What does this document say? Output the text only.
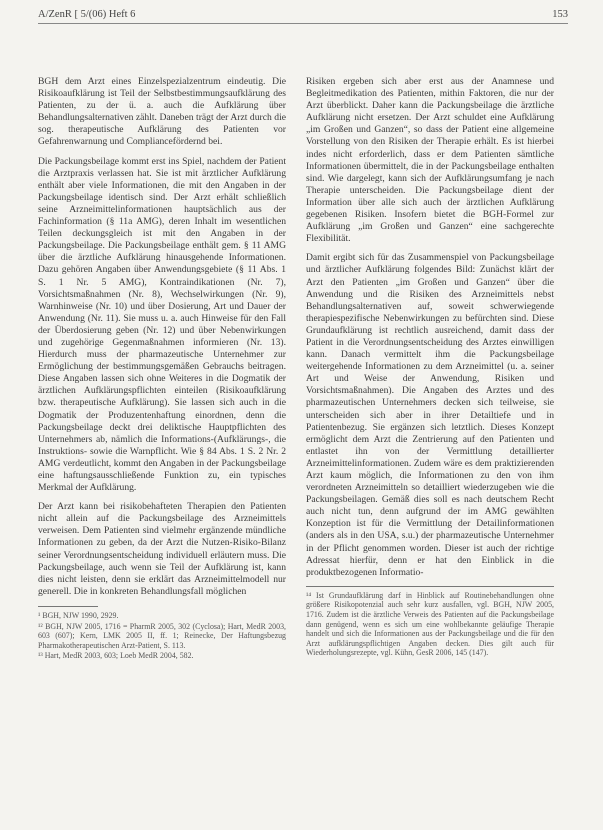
A/ZenR [ 5/(06) Heft 6	153

BGH dem Arzt eines Einzelspezialzentrum eindeutig. Die Risikoaufklärung ist Teil der Selbstbestimmungsaufklärung des Patienten, zu der ü. a. auch die Aufklärung über Behandlungsalternativen zählt. Daneben trägt der Arzt durch die sog. therapeutische Aufklärung des Patienten vor Gefahrenwarnung und Compliancefördernd bei.

Die Packungsbeilage kommt erst ins Spiel, nachdem der Patient die Arztpraxis verlassen hat. Sie ist mit ärztlicher Aufklärung enthält aber viele Informationen, die mit den Angaben in der Packungsbeilage identisch sind. Der Arzt erhält schließlich seine Arzneimittelinformationen hauptsächlich aus der Fachinformation (§ 11a AMG), deren Inhalt im wesentlichen Teilen deckungsgleich ist mit den Angaben in der Packungsbeilage. Die Packungsbeilage enthält gem. § 11 AMG über die ärztliche Aufklärung hinausgehende Informationen. Dazu gehören Angaben über Anwendungsgebiete (§ 11 Abs. 1 S. 1 Nr. 5 AMG), Kontraindikationen (Nr. 7), Vorsichtsmaßnahmen (Nr. 8), Wechselwirkungen (Nr. 9), Warnhinweise (Nr. 10) und über Dosierung, Art und Dauer der Anwendung (Nr. 11). Sie muss u. a. auch Hinweise für den Fall der Überdosierung geben (Nr. 12) und über Nebenwirkungen und zugehörige Gegenmaßnahmen informieren (Nr. 13). Hierdurch muss der pharmazeutische Unternehmer zur Ermöglichung der bestimmungsgemäßen Gebrauchs beitragen. Diese Angaben lassen sich ohne Weiteres in die Dogmatik der ärztlichen Aufklärungspflichten einteilen (Risikoaufklärung bzw. therapeutische Aufklärung). Sie lassen sich auch in die Dogmatik der Produzentenhaftung einordnen, denn die Packungsbeilage deckt drei deliktische Hauptpflichten des Unternehmers ab, nämlich die Informations-(Aufklärungs-, die Instruktions- sowie die Warnpflicht. Wie § 84 Abs. 1 S. 2 Nr. 2 AMG verdeutlicht, kommt den Angaben in der Packungsbeilage eine haftungsausschließende Funktion zu, ein typisches Merkmal der Aufklärung.

Der Arzt kann bei risikobehafteten Therapien den Patienten nicht allein auf die Packungsbeilage des Arzneimittels verweisen. Dem Patienten sind vielmehr ergänzende mündliche Informationen zu geben, da der Arzt die Nutzen-Risiko-Bilanz seiner Verordnungsentscheidung individuell erläutern muss. Die Packungsbeilage, auch wenn sie Teil der Aufklärung ist, kann dies nicht leisten, denn sie erklärt das Arzneimittelmodell nur generell. Die in konkreten Behandlungsfall möglichen

¹ BGH, NJW 1990, 2929.
¹² BGH, NJW 2005, 1716 = PharmR 2005, 302 (Cyclosa); Hart, MedR 2003, 603 (607); Kern, LMK 2005 II, ff. 1; Reinecke, Der Haftungsbezug Pharmakotherapeutischen Arzt-Patient, S. 113.
¹³ Hart, MedR 2003, 603; Loeb MedR 2004, 582.

Risiken ergeben sich aber erst aus der Anamnese und Begleitmedikation des Patienten, mithin Faktoren, die nur der Arzt überblickt. Daher kann die Packungsbeilage die ärztliche Aufklärung nicht ersetzen. Der Arzt schuldet eine Aufklärung „im Großen und Ganzen“, so dass der Patient eine allgemeine Vorstellung von den Risiken der Therapie erhält. Es ist hierbei indes nicht erforderlich, dass er dem Patienten sämtliche Informationen übermittelt, die in der Packungsbeilage enthalten sind. Wie dargelegt, kann sich der Aufklärungsumfang je nach Therapie unterscheiden. Die Packungsbeilage dient der Information über alle sich auch der ärztlichen Aufklärung gegebenen Risiken. Insofern bietet die BGH-Formel zur Aufklärung „im Großen und Ganzen“ eine sachgerechte Flexibilität.

Damit ergibt sich für das Zusammenspiel von Packungsbeilage und ärztlicher Aufklärung folgendes Bild: Zunächst klärt der Arzt den Patienten „im Großen und Ganzen“ über die Anwendung und die Risiken des Arzneimittels nebst Behandlungsalternativen auf, soweit schwerwiegende therapiespezifische Nebenwirkungen zu befürchten sind. Diese Grundaufklärung ist rechtlich ausreichend, damit dass der Patient in die Verordnungsentscheidung des Arztes einwilligen kann. Danach vermittelt ihm die Packungsbeilage weitergehende Informationen zu dem Arzneimittel (u. a. seiner Art und Weise der Anwendung, Risiken und Vorsichtsmaßnahmen). Die Angaben des Arztes und des pharmazeutischen Unternehmers decken sich teilweise, sie unterscheiden sich aber in ihrer Detailtiefe und in Patientenbezug. Sie ergänzen sich letztlich. Dieses Konzept ermöglicht dem Arzt die Zentrierung auf den Patienten und entlastet ihn von der Vermittlung detaillierter Arzneimittelinformationen. Zudem wäre es dem praktizierenden Arzt kaum möglich, die Informationen zu den von ihm verordneten Arzneimitteln so detailliert wiederzugeben wie die Packungsbeilagen. Gemäß dies soll es nach deutschem Recht auch nicht tun, denn aufgrund der im AMG gewählten Konzeption ist für die Vermittlung der Detailinformationen (anders als in den USA, s.u.) der pharmazeutische Unternehmer in der Pflicht genommen worden. Dieser ist auch der richtige Adressat hierfür, denn er hat den Einblick in die produktbezogenen Informatio-

¹⁴ Ist Grundaufklärung darf in Hinblick auf Routinebehandlungen ohne größere Risikopotenzial auch sehr kurz ausfallen, vgl. BGH, NJW 2005, 1716. Zudem ist die ärztliche Verweis des Patienten auf die Packungsbeilage dann genügend, wenn es sich um eine wohlbekannte geläufige Therapie handelt und sich die Informationen aus der Packungsbeilage und die für den Arzt aufklärungspflichtigen Angaben decken. Dies gilt auch für Wiederholungsrezepte, vgl. Kühn, GesR 2006, 145 (147).
